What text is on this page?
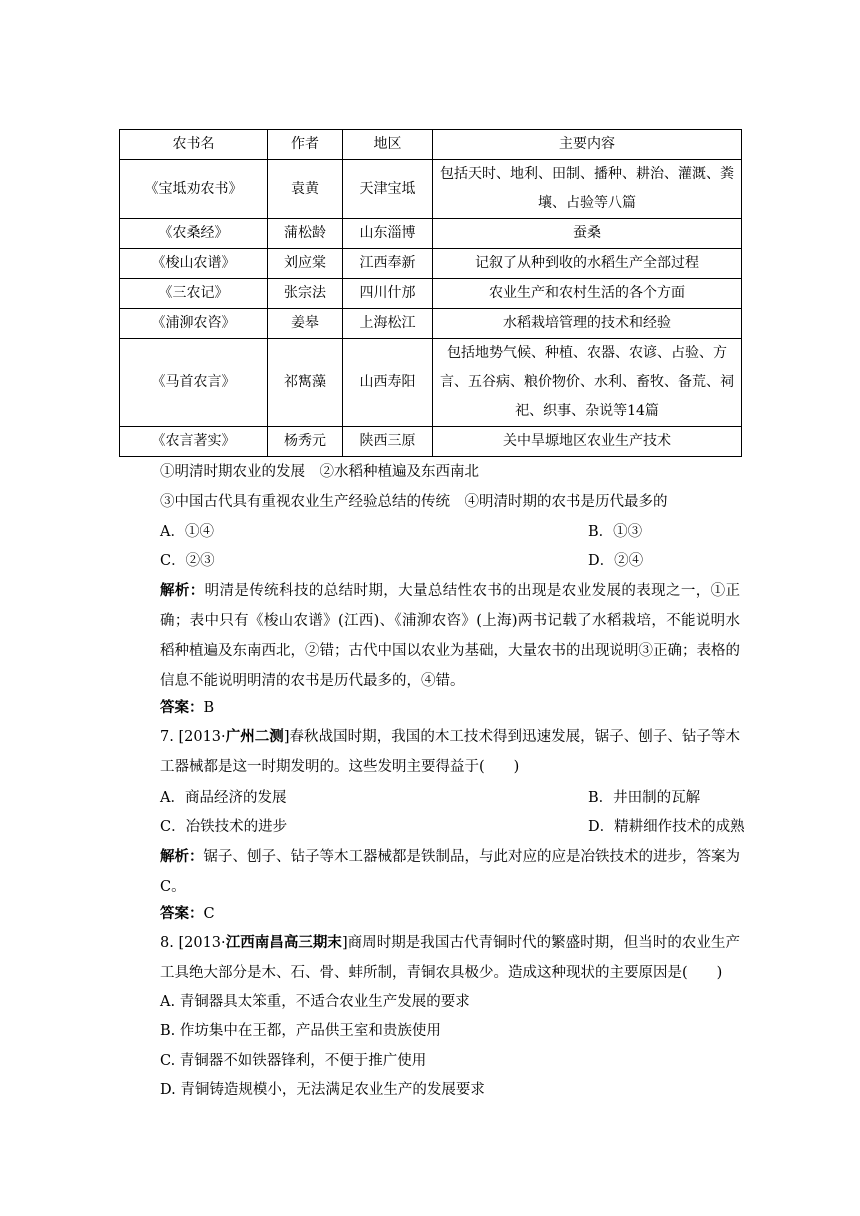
农书名	作者	地区	主要内容
《宝坻劝农书》	袁黄	天津宝坻	包括天时、地利、田制、播种、耕治、灌溉、粪壤、占验等八篇
《农桑经》	蒲松龄	山东淄博	蚕桑
《梭山农谱》	刘应棠	江西奉新	记叙了从种到收的水稻生产全部过程
《三农记》	张宗法	四川什邡	农业生产和农村生活的各个方面
《浦泖农咨》	姜皋	上海松江	水稻栽培管理的技术和经验
《马首农言》	祁寯藻	山西寿阳	包括地势气候、种植、农器、农谚、占验、方言、五谷病、粮价物价、水利、畜牧、备荒、祠祀、织事、杂说等14篇
《农言著实》	杨秀元	陕西三原	关中旱塬地区农业生产技术
①明清时期农业的发展　②水稻种植遍及东西南北
③中国古代具有重视农业生产经验总结的传统　④明清时期的农书是历代最多的
A．①④	B．①③
C．②③	D．②④
解析：明清是传统科技的总结时期，大量总结性农书的出现是农业发展的表现之一，①正确；表中只有《梭山农谱》(江西)、《浦泖农咨》(上海)两书记载了水稻栽培，不能说明水稻种植遍及东南西北，②错；古代中国以农业为基础，大量农书的出现说明③正确；表格的信息不能说明明清的农书是历代最多的，④错。
答案：B
7. [2013·广州二测]春秋战国时期，我国的木工技术得到迅速发展，锯子、刨子、钻子等木工器械都是这一时期发明的。这些发明主要得益于(　　)
A．商品经济的发展	B．井田制的瓦解
C．冶铁技术的进步	D．精耕细作技术的成熟
解析：锯子、刨子、钻子等木工器械都是铁制品，与此对应的应是冶铁技术的进步，答案为C。
答案：C
8. [2013·江西南昌高三期末]商周时期是我国古代青铜时代的繁盛时期，但当时的农业生产工具绝大部分是木、石、骨、蚌所制，青铜农具极少。造成这种现状的主要原因是(　　)
A. 青铜器具太笨重，不适合农业生产发展的要求
B. 作坊集中在王都，产品供王室和贵族使用
C. 青铜器不如铁器锋利，不便于推广使用
D. 青铜铸造规模小，无法满足农业生产的发展要求
